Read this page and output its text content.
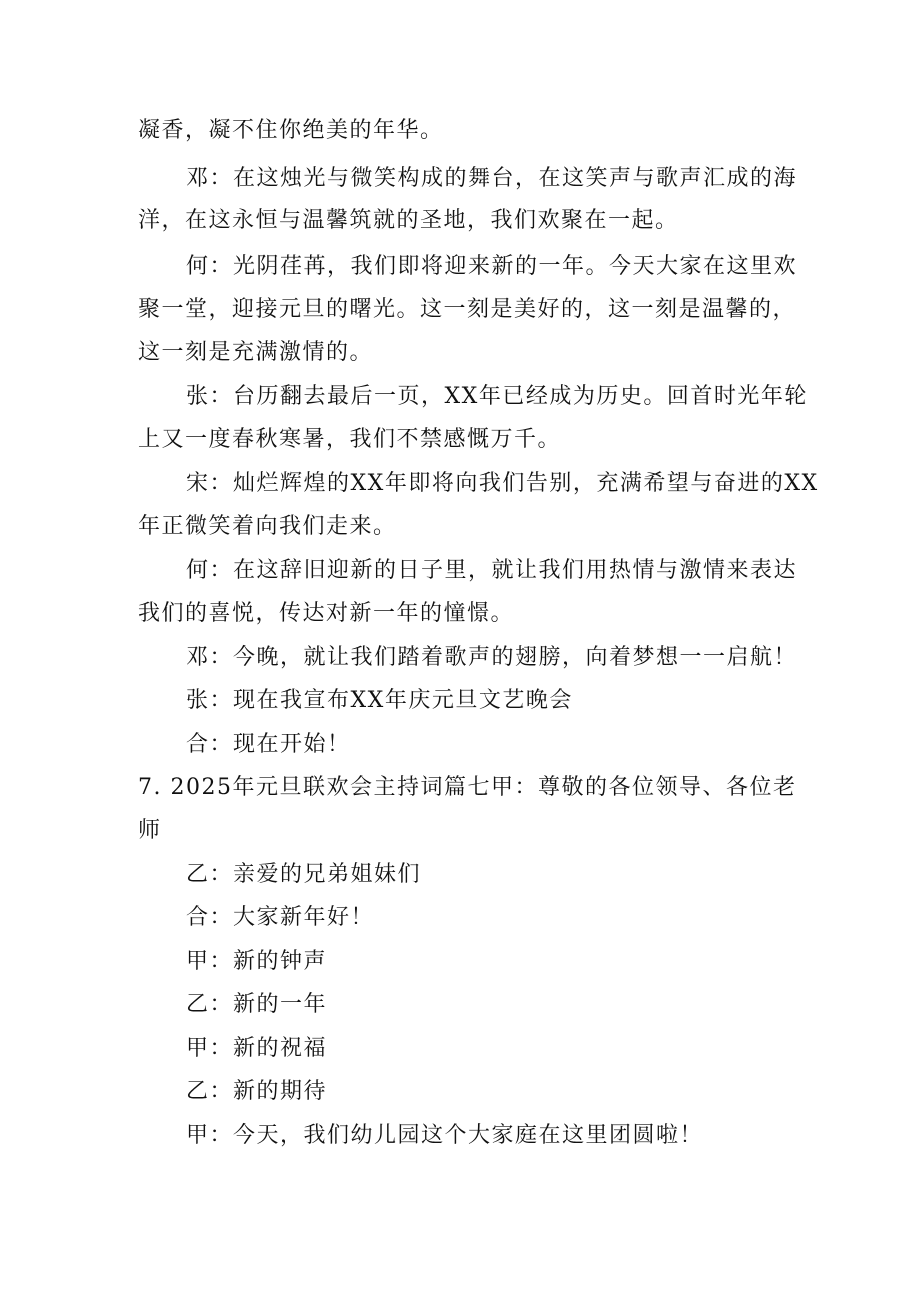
凝香，凝不住你绝美的年华。
邓：在这烛光与微笑构成的舞台，在这笑声与歌声汇成的海
洋，在这永恒与温馨筑就的圣地，我们欢聚在一起。
何：光阴荏苒，我们即将迎来新的一年。今天大家在这里欢
聚一堂，迎接元旦的曙光。这一刻是美好的，这一刻是温馨的，
这一刻是充满激情的。
张：台历翻去最后一页，XX年已经成为历史。回首时光年轮
上又一度春秋寒暑，我们不禁感慨万千。
宋：灿烂辉煌的XX年即将向我们告别，充满希望与奋进的XX
年正微笑着向我们走来。
何：在这辞旧迎新的日子里，就让我们用热情与激情来表达
我们的喜悦，传达对新一年的憧憬。
邓：今晚，就让我们踏着歌声的翅膀，向着梦想一一启航！
张：现在我宣布XX年庆元旦文艺晚会
合：现在开始！
7. 2025年元旦联欢会主持词篇七甲：尊敬的各位领导、各位老
师
乙：亲爱的兄弟姐妹们
合：大家新年好！
甲：新的钟声
乙：新的一年
甲：新的祝福
乙：新的期待
甲：今天，我们幼儿园这个大家庭在这里团圆啦！
